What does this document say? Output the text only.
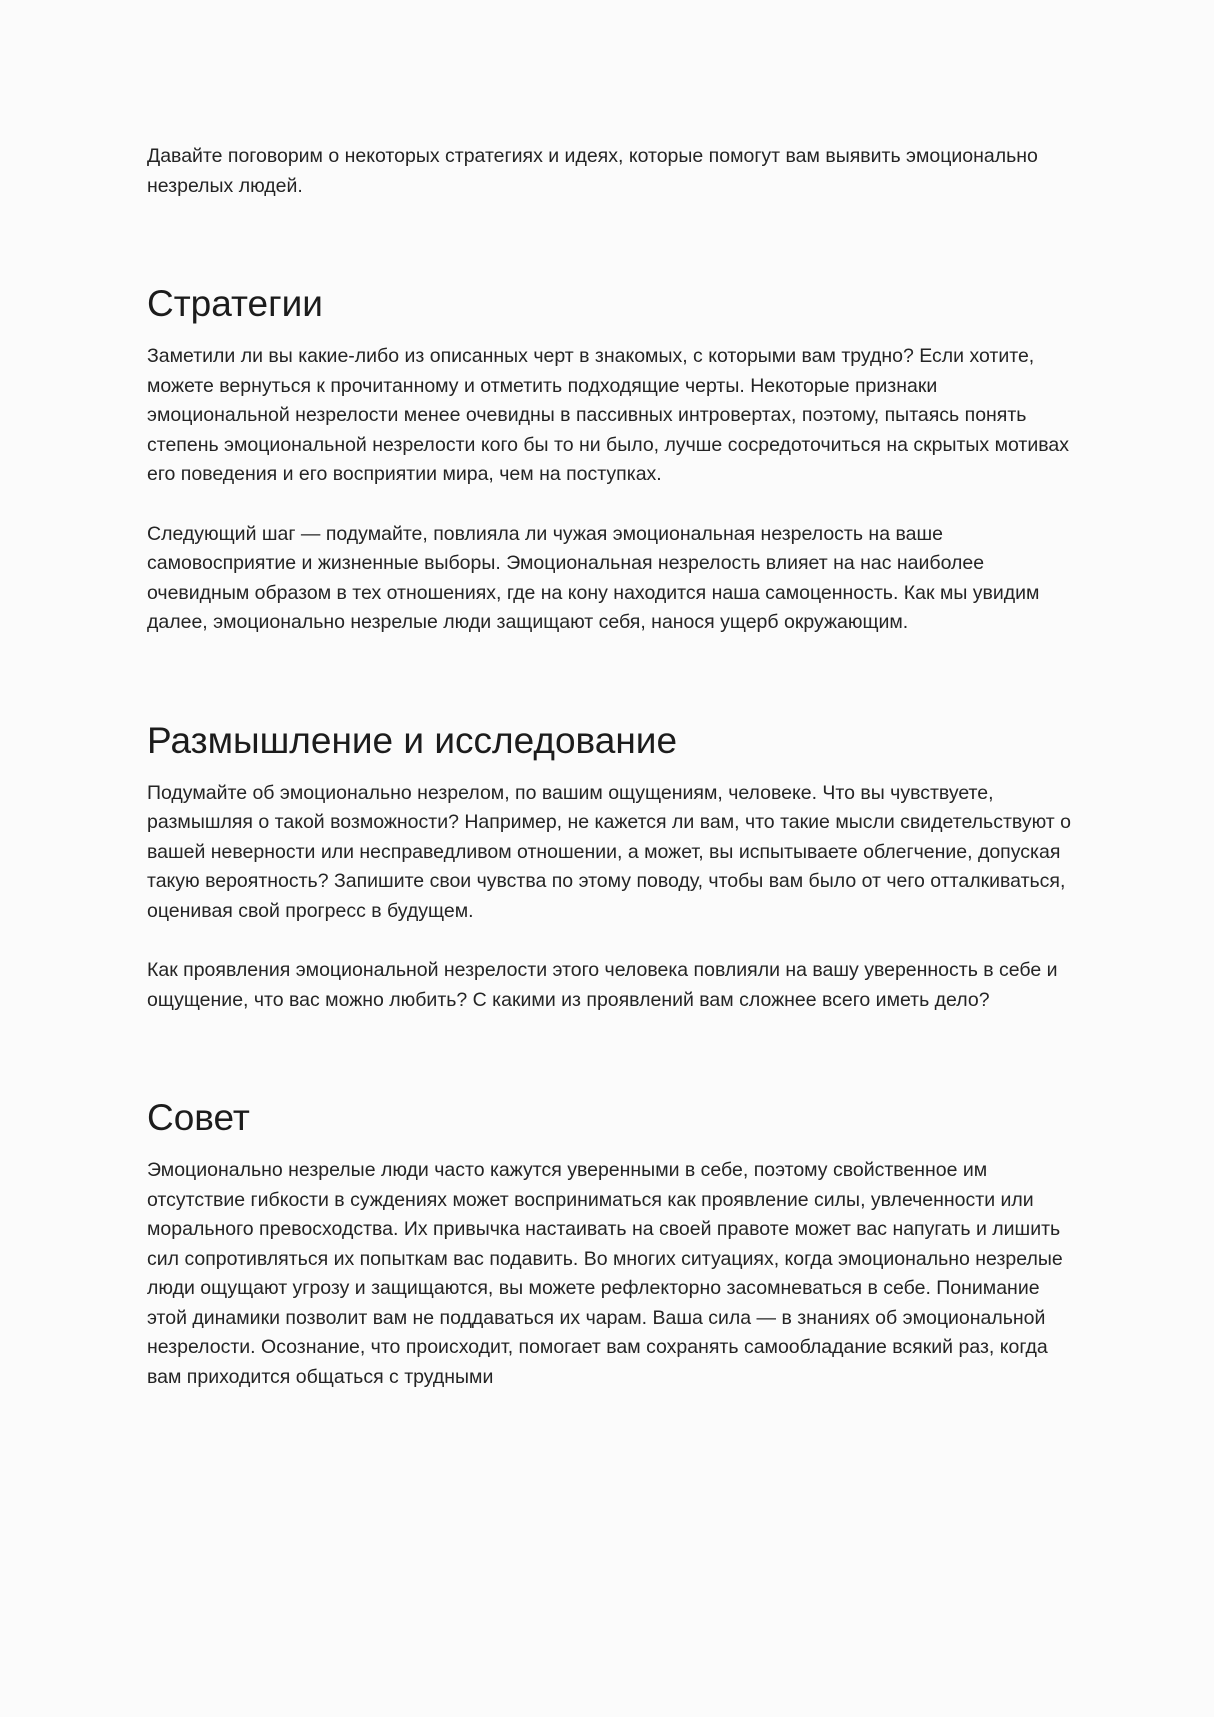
Давайте поговорим о некоторых стратегиях и идеях, которые помогут вам выявить эмоционально незрелых людей.

Стратегии

Заметили ли вы какие-либо из описанных черт в знакомых, с которыми вам трудно? Если хотите, можете вернуться к прочитанному и отметить подходящие черты. Некоторые признаки эмоциональной незрелости менее очевидны в пассивных интровертах, поэтому, пытаясь понять степень эмоциональной незрелости кого бы то ни было, лучше сосредоточиться на скрытых мотивах его поведения и его восприятии мира, чем на поступках.

Следующий шаг — подумайте, повлияла ли чужая эмоциональная незрелость на ваше самовосприятие и жизненные выборы. Эмоциональная незрелость влияет на нас наиболее очевидным образом в тех отношениях, где на кону находится наша самоценность. Как мы увидим далее, эмоционально незрелые люди защищают себя, нанося ущерб окружающим.

Размышление и исследование

Подумайте об эмоционально незрелом, по вашим ощущениям, человеке. Что вы чувствуете, размышляя о такой возможности? Например, не кажется ли вам, что такие мысли свидетельствуют о вашей неверности или несправедливом отношении, а может, вы испытываете облегчение, допуская такую вероятность? Запишите свои чувства по этому поводу, чтобы вам было от чего отталкиваться, оценивая свой прогресс в будущем.

Как проявления эмоциональной незрелости этого человека повлияли на вашу уверенность в себе и ощущение, что вас можно любить? С какими из проявлений вам сложнее всего иметь дело?

Совет

Эмоционально незрелые люди часто кажутся уверенными в себе, поэтому свойственное им отсутствие гибкости в суждениях может восприниматься как проявление силы, увлеченности или морального превосходства. Их привычка настаивать на своей правоте может вас напугать и лишить сил сопротивляться их попыткам вас подавить. Во многих ситуациях, когда эмоционально незрелые люди ощущают угрозу и защищаются, вы можете рефлекторно засомневаться в себе. Понимание этой динамики позволит вам не поддаваться их чарам. Ваша сила — в знаниях об эмоциональной незрелости. Осознание, что происходит, помогает вам сохранять самообладание всякий раз, когда вам приходится общаться с трудными
